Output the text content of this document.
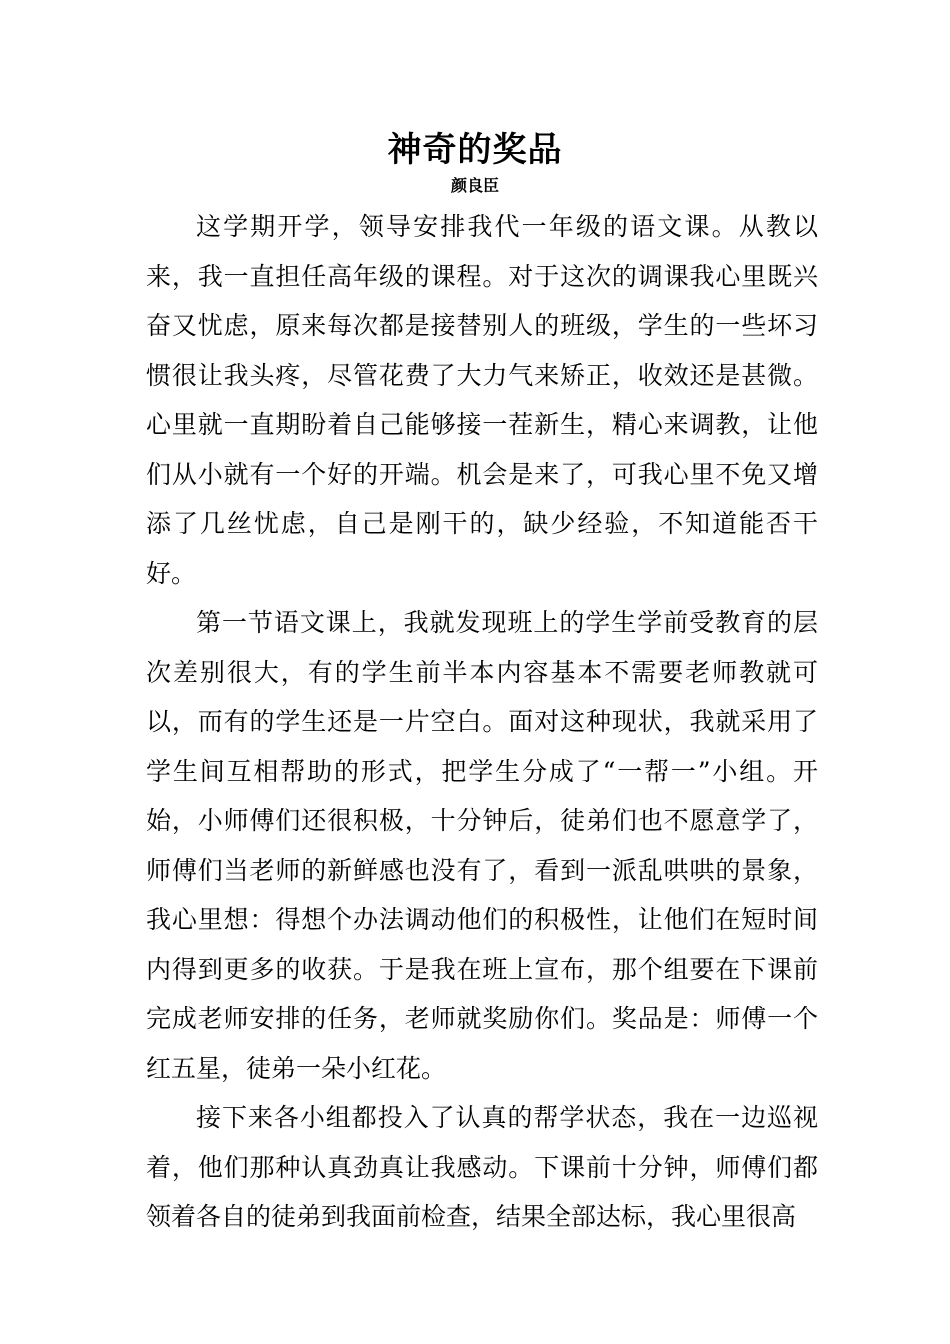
神奇的奖品
颜良臣

这学期开学，领导安排我代一年级的语文课。从教以来，我一直担任高年级的课程。对于这次的调课我心里既兴奋又忧虑，原来每次都是接替别人的班级，学生的一些坏习惯很让我头疼，尽管花费了大力气来矫正，收效还是甚微。心里就一直期盼着自己能够接一茬新生，精心来调教，让他们从小就有一个好的开端。机会是来了，可我心里不免又增添了几丝忧虑，自己是刚干的，缺少经验，不知道能否干好。

第一节语文课上，我就发现班上的学生学前受教育的层次差别很大，有的学生前半本内容基本不需要老师教就可以，而有的学生还是一片空白。面对这种现状，我就采用了学生间互相帮助的形式，把学生分成了“一帮一”小组。开始，小师傅们还很积极，十分钟后，徒弟们也不愿意学了，师傅们当老师的新鲜感也没有了，看到一派乱哄哄的景象，我心里想：得想个办法调动他们的积极性，让他们在短时间内得到更多的收获。于是我在班上宣布，那个组要在下课前完成老师安排的任务，老师就奖励你们。奖品是：师傅一个红五星，徒弟一朵小红花。

接下来各小组都投入了认真的帮学状态，我在一边巡视着，他们那种认真劲真让我感动。下课前十分钟，师傅们都领着各自的徒弟到我面前检查，结果全部达标，我心里很高
